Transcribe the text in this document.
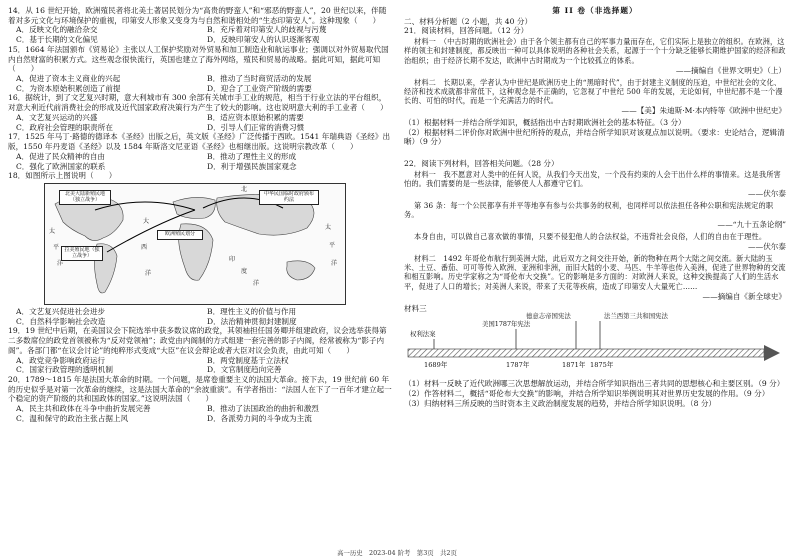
14．从 16 世纪开始，欧洲殖民者将北美土著居民划分为“高贵的野蛮人”和“邪恶的野蛮人”，20 世纪以来，伴随着对多元文化与环境保护的重视，印第安人形象又变身为与自然和谐相处的“生态印第安人”。这种现象（　　）

A．反映文化的融洽杂交	B．充斥着对印第安人的歧视与污蔑
C．基于长期的文化偏见	D．反映印第安人的认识逐渐客观

15．1664 年法国颁布《贸易论》主张以人工保护奖励对外贸易和加工制造业和航运事业；强调以对外贸易取代国内自然财富的积累方式。这些观念很快流行，英国也建立了海外网络，殖民和贸易的战略。据此可知，据此可知（　　）

A．促进了资本主义商业的兴起	B．推动了当时商贸活动的发展
C．为资本原始积累创造了前提	D．迎合了工业资产阶级的需要

16．据统计，到了文艺复兴时期，意大利城市有 300 余部有关城市手工业的规范，相当于行业立法的平台组织，对意大利近代前消费社会的形成及近代国家政府决策行为产生了较大的影响。这也说明意大利的手工业者（　　）

A．文艺复兴运动的兴盛	B．适应资本原始积累的需要
C．政府社会管理的职责所在	D．引导人们正常的消费习惯

17．1525 年马丁·路德的德译本《圣经》出版之后，英文版《圣经》广泛传播于西欧。1541 年瑞典语《圣经》出版，1550 年丹麦语《圣经》以及 1584 年斯洛文尼亚语《圣经》也相继出版。这说明宗教改革（　　）

A．促进了民众精神的自由	B．推动了理性主义的形成
C．强化了欧洲国家的联系	D．利于增强民族国家观念

18．如图所示上图说明（　　）

北美大陆新殖民地（独立战争）
拉美殖民地（独立战争）
欧洲殖民划分
中华民国临时政府颁布约法
太
平
洋
大
西
洋
印
度
洋
太
平
洋
北
A．文艺复兴促进社会进步	B．理性主义的价值与作用
C．自然科学影响社会改造	D．法治精神贯彻封建制度

19．19 世纪中后期，在美国议会下院选举中获多数议席的政党，其领袖担任国务卿并组建政府，议会选举获得第二多数席位的政党首领被称为“反对党领袖”；政党由内阁制的方式组建一套完善的影子内阁，经常被称为“影子内阁”。各部门都“在议会讨论”的纯粹形式变成“大臣”在议会辩论或者大臣对议会负责，由此可知（　　）

A．政党竞争影响政府运行	B．两党制度基于立法权
C．国家行政管理的透明机制	D．文官制度趋向完善

20．1789～1815 年是法国大革命的时期。一个问题，是席卷重要主义的法国大革命。接下去，19 世纪前 60 年的历史似乎是对第一次革命的继续，这是法国大革命的“余波重演”。有学者指出：“法国人在下了一百年才建立起一个稳定的资产阶级的共和国政体的国家。”这说明法国（　　）

A．民主共和政体在斗争中曲折发展完善	B．推动了法国政治的曲折和激烈
C．温和保守的政治主张占据上风	D．各派势力间的斗争成为主流

第 II 卷（非选择题）

二、材料分析题（2 小题，共 40 分）

21．阅读材料，回答问题。（12 分）

材料一　（中古时期的欧洲社会）由于各个领主都有自己的军事力量而存在，它们实际上是独立的组织。在欧洲，这样的领主和封建制度，都反映出一种可以具体说明的各种社会关系，起源于一个十分缺乏能够长期维护国家的经济和政治组织；由于经济长期不发达，欧洲中古时期成为一个比较孤立的体系。

——摘编自《世界文明史》（上）

材料二　长期以来，学者认为中世纪是欧洲历史上的“黑暗时代”，由于封建主义制度的压迫，中世纪社会的文化、经济和技术成就都非常低下，这种观念是不正确的，它忽视了中世纪 500 年的发展，无论如何，中世纪都不是一个漫长的、可怕的时代，而是一个充满活力的时代。

——【美】朱迪斯·M·本内特等《欧洲中世纪史》

（1）根据材料一并结合所学知识，概括指出中古时期欧洲社会的基本特征。（3 分）

（2）根据材料二评价你对欧洲中世纪所持的观点，并结合所学知识对该观点加以说明。（要求：史论结合，逻辑清晰）（9 分）

22．阅读下列材料，回答相关问题。（28 分）

材料一　我不愿意对人类中的任何人说，从我们今天出发，一个没有约束的人会干出什么样的事情来。这是我所害怕的。我们需要的是一些法律，能够使人人都遵守它们。

——伏尔泰

第 36 条：每一个公民都享有并平等地享有参与公共事务的权利，也同样可以依法担任各种公职和宪法规定的职务。

——“九十五条论纲”

本身自由，可以做自己喜欢做的事情，只要不侵犯他人的合法权益，不违背社会良俗，人们的自由在于理性。

——伏尔泰

材料二　1492 年哥伦布航行到美洲大陆，此后双方之间交往开始，新的物种在两个大陆之间交流。新大陆的玉米、土豆、番茄、可可等传入欧洲、亚洲和非洲，而旧大陆的小麦、马匹、牛羊等也传入美洲，促进了世界物种的交流和相互影响。历史学家称之为“哥伦布大交换”。它的影响是多方面的：对欧洲人来说，这种交换提高了人们的生活水平，促进了人口的增长；对美洲人来说，带来了天花等疾病，造成了印第安人大量死亡……

——摘编自《新全球史》

材料三

权利法案
美国1787年宪法
德意志帝国宪法	法兰西第三共和国宪法
1689年	1787年	1871年 1875年

（1）材料一反映了近代欧洲哪三次思想解放运动，并结合所学知识指出三者共同的思想核心和主要区别。（9 分）

（2）作答材料二，概括“哥伦布大交换”的影响，并结合所学知识举例说明其对世界历史发展的作用。（9 分）

（3）归纳材料三所反映的当时资本主义政治制度发展的趋势，并结合所学知识说明。（8 分）

高一历史　2023-04 阶考　第3页　共2页
